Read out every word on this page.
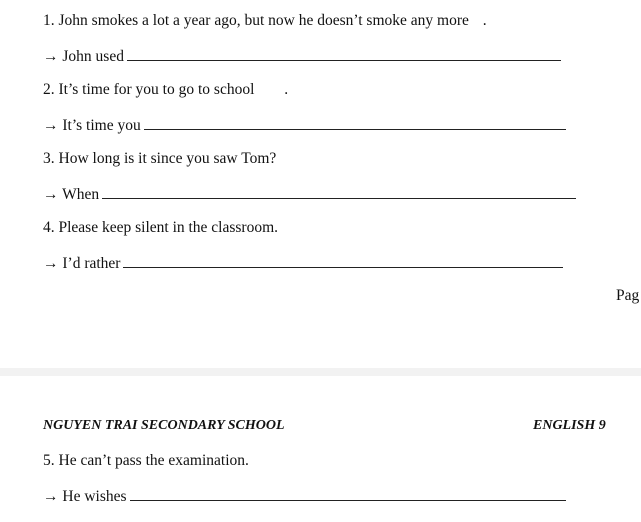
1. John smokes a lot a year ago, but now he doesn’t smoke any more .
→ John used
2. It’s time for you to go to school .
→ It’s time you
3. How long is it since you saw Tom?
→ When
4. Please keep silent in the classroom.
→ I’d rather
Pag
NGUYEN TRAI SECONDARY SCHOOL	ENGLISH 9
5. He can’t pass the examination.
→ He wishes
